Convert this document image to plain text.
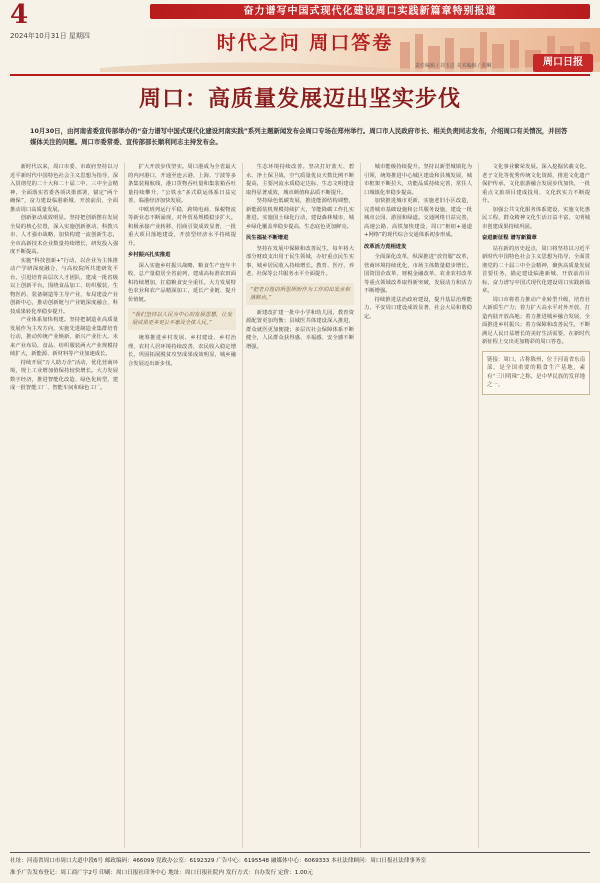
4	奋力谱写中国式现代化建设周口实践新篇章特别报道
时代之问 周口答卷
责任编辑 / 刘玉洁 美术编辑 / 张琳	周口日报
2024年10月31日 星期四
周口：高质量发展迈出坚实步伐
10月30日，由河南省委宣传部举办的“奋力谱写中国式现代化建设河南实践”系列主题新闻发布会周口专场在郑州举行。周口市人民政府市长、相关负责同志发布，介绍周口有关情况，并回答媒体关注的问题。周口市委常委、宣传部部长顺利同志主持发布会。

新时代以来，周口市委、市政府坚持以习近平新时代中国特色社会主义思想为指导，深入贯彻党的二十大和二十届二中、三中全会精神，全面落实省委各项决策部署，锚定“两个确保”，奋力建设临港新城、开放前沿，全面推动周口高质量发展。

创新驱动成效明显。坚持把创新摆在发展全局的核心位置，深入实施创新驱动、科教兴市、人才强市战略，加快构建一流创新生态，全市高新技术企业数量持续增长，研发投入强度不断提高。

实施“科技创新+”行动，以企业为主体推动产学研深度融合，与高校院所共建研发平台，引进培育高层次人才团队，建成一批省级以上创新平台。围绕食品加工、纺织服装、生物医药、装备制造等主导产业，布局建设产业创新中心，推动创新链与产业链深度融合，科技成果转化率稳步提升。

产业体系加快构建。坚持把制造业高质量发展作为主攻方向，实施先进制造业集群培育行动，推动传统产业焕新、新兴产业壮大、未来产业布局，食品、纺织服装两大产业规模持续扩大，新能源、新材料等产业加速成长。

持续开展“万人助万企”活动，优化营商环境，规上工业增加值保持较快增长。大力发展数字经济，推进智能化改造、绿色化转型，建成一批智能工厂、智能车间和绿色工厂。

扩大开放步伐坚实。周口港成为全省最大的内河港口，开通至连云港、上海、宁波等多条集装箱航线，港口货物吞吐量和集装箱吞吐量持续攀升，“公铁水”多式联运体系日益完善，临港经济加快发展。

中欧班列运行平稳，跨境电商、保税物流等新业态不断涌现，对外贸易规模稳步扩大。积极承接产业转移，招商引资成效显著，一批重大项目落地建设，开放型经济水平持续提升。

乡村振兴扎实推进

深入实施乡村振兴战略，粮食生产连年丰收，总产量稳居全省前列，建成高标准农田面积持续增加，扛稳粮食安全重任。大力发展特色农业和农产品精深加工，延长产业链、提升价值链。

“我们坚持以人民为中心的发展思想，让发展成果更多更公平惠及全体人民。”

统筹推进乡村发展、乡村建设、乡村治理，农村人居环境持续改善，农民收入稳定增长，巩固拓展脱贫攻坚成果成效明显，城乡融合发展迈出新步伐。

生态环境持续改善。坚决打好蓝天、碧水、净土保卫战，空气质量优良天数比例不断提高，主要河流水质稳定达标，生态文明建设取得显著成效，城市颜值和品质不断提升。

坚持绿色低碳发展，推进能源结构调整，新能源装机规模持续扩大，节能降碳工作扎实推进。实施国土绿化行动，建设森林城市，城乡绿化覆盖率稳步提高，生态底色更加鲜亮。

民生福祉不断增进

坚持在发展中保障和改善民生，每年将大部分财政支出用于民生领域，办好重点民生实事，城乡居民收入持续增长。教育、医疗、养老、社保等公共服务水平全面提升。

“把老百姓的所思所盼作为工作的出发点和落脚点。”

新建改扩建一批中小学和幼儿园，教育资源配置更加均衡；县域医共体建设深入推进，群众就医更加便捷；多层次社会保障体系不断健全，人民群众获得感、幸福感、安全感不断增强。

城市能级持续提升。坚持以新型城镇化为引领，统筹推进中心城区建设和县城发展，城市框架不断拉大，功能品质持续完善，常住人口城镇化率稳步提高。

加快推进城市更新，实施老旧小区改造，完善城市基础设施和公共服务设施，建设一批城市公园、游园和绿道。交通网络日益完善，高速公路、高铁加快建设，周口“枢纽+通道+网络”的现代综合交通体系初步形成。

改革活力竞相迸发

全面深化改革，纵深推进“放管服”改革，营商环境持续优化，市场主体数量稳步增长。国资国企改革、财税金融改革、农业农村改革等重点领域改革取得新突破，发展动力和活力不断增强。

持续推进法治政府建设，提升基层治理能力，平安周口建设成效显著，社会大局和谐稳定。

文化事业繁荣发展。深入挖掘伏羲文化、老子文化等优秀传统文化资源，推进文化遗产保护传承，文化旅游融合发展步伐加快，一批重点文旅项目建成投用，文化软实力不断提升。

加强公共文化服务体系建设，实施文化惠民工程，群众精神文化生活日益丰富，文明城市创建成果持续巩固。

奋进新征程 谱写新篇章

站在新的历史起点，周口将坚持以习近平新时代中国特色社会主义思想为指导，全面贯彻党的二十届三中全会精神，聚焦高质量发展首要任务，锚定建设临港新城、开放前沿目标，奋力谱写中国式现代化建设周口实践新篇章。

周口市将着力推动产业转型升级，培育壮大新质生产力；着力扩大高水平对外开放，打造内陆开放高地；着力推进城乡融合发展，全面推进乡村振兴；着力保障和改善民生，不断满足人民日益增长的美好生活需要，在新时代新征程上交出更加精彩的周口答卷。

链接：周口，古称陈州，位于河南省东南部，是全国重要的粮食生产基地，素有“三川明珠”之称，是中华民族的发祥地之一。
社址：河南省周口市周口大道中段6号 邮政编码：466099 党政办公室：6192329 广告中心：6195548 融媒体中心：6069333 本社法律顾问：周口日报社法律事务室
准予广告发布登记：周工商广字2号 印刷：周口日报社印务中心 地址：周口日报社院内 发行方式：自办发行 定价：1.00元
